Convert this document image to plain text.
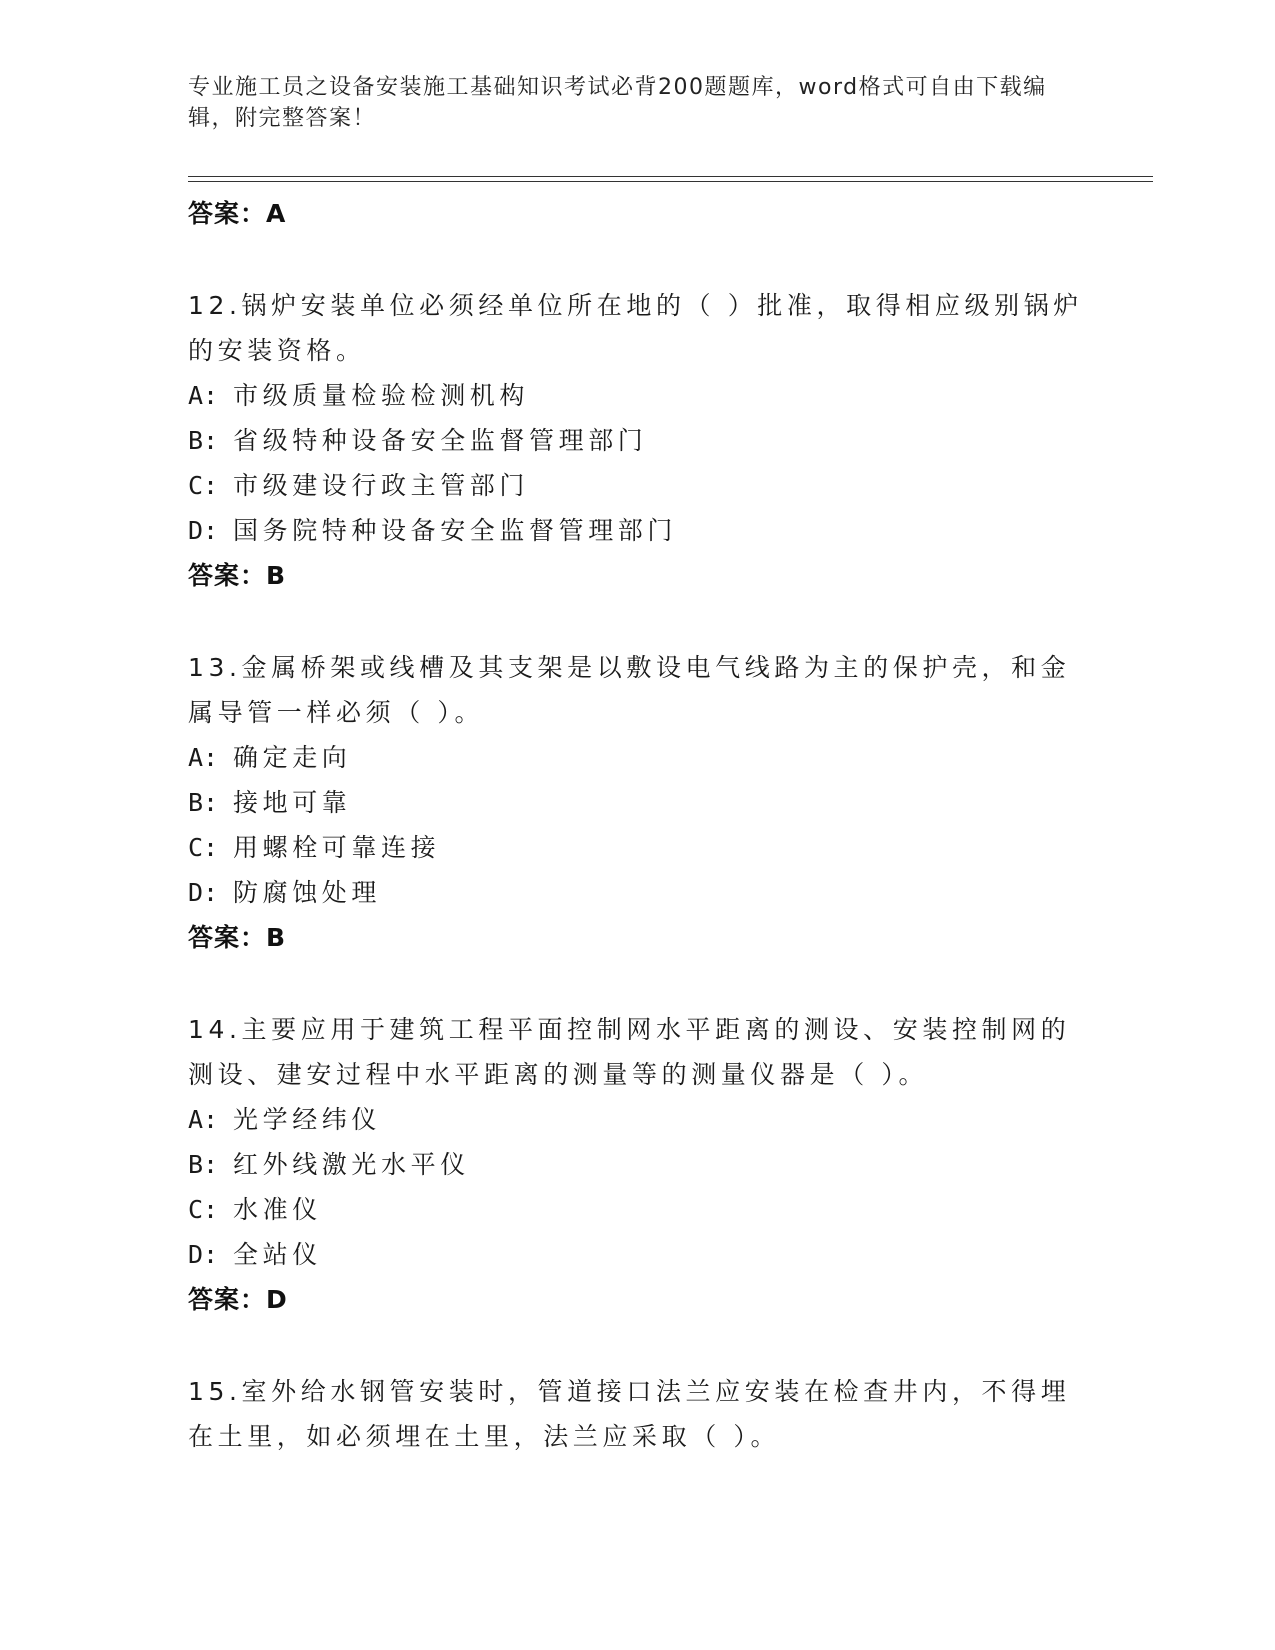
专业施工员之设备安装施工基础知识考试必背200题题库，word格式可自由下载编辑，附完整答案！
答案：A
12.锅炉安装单位必须经单位所在地的（ ）批准，取得相应级别锅炉的安装资格。
A: 市级质量检验检测机构
B: 省级特种设备安全监督管理部门
C: 市级建设行政主管部门
D: 国务院特种设备安全监督管理部门
答案：B
13.金属桥架或线槽及其支架是以敷设电气线路为主的保护壳，和金属导管一样必须（ ）。
A: 确定走向
B: 接地可靠
C: 用螺栓可靠连接
D: 防腐蚀处理
答案：B
14.主要应用于建筑工程平面控制网水平距离的测设、安装控制网的测设、建安过程中水平距离的测量等的测量仪器是（ ）。
A: 光学经纬仪
B: 红外线激光水平仪
C: 水准仪
D: 全站仪
答案：D
15.室外给水钢管安装时，管道接口法兰应安装在检查井内，不得埋在土里，如必须埋在土里，法兰应采取（ ）。
